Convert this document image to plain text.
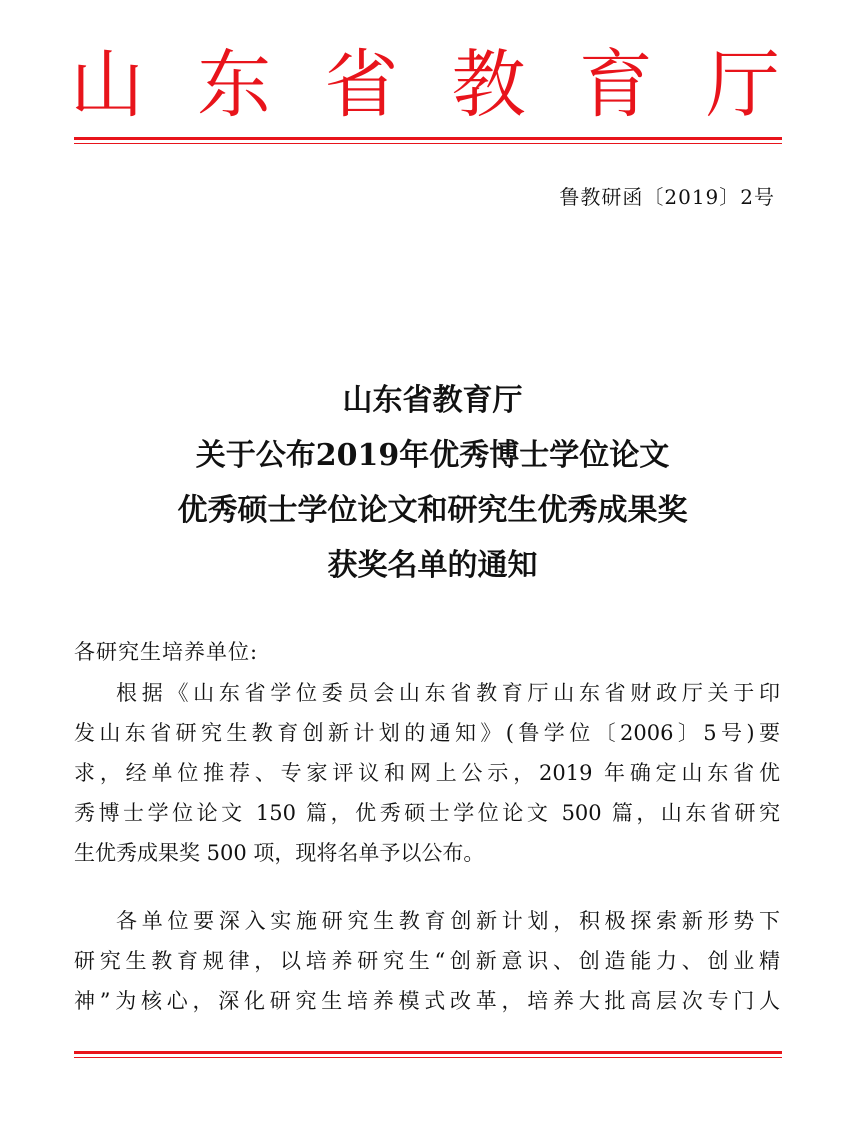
山 东 省 教 育 厅
鲁教研函〔2019〕2号
山东省教育厅
关于公布2019年优秀博士学位论文
优秀硕士学位论文和研究生优秀成果奖
获奖名单的通知
各研究生培养单位:
根据《山东省学位委员会山东省教育厅山东省财政厅关于印
发山东省研究生教育创新计划的通知》(鲁学位〔2006〕5号)要
求，经单位推荐、专家评议和网上公示，2019 年确定山东省优
秀博士学位论文 150 篇，优秀硕士学位论文 500 篇，山东省研究
生优秀成果奖 500 项，现将名单予以公布。
各单位要深入实施研究生教育创新计划，积极探索新形势下
研究生教育规律，以培养研究生“创新意识、创造能力、创业精
神”为核心，深化研究生培养模式改革，培养大批高层次专门人
